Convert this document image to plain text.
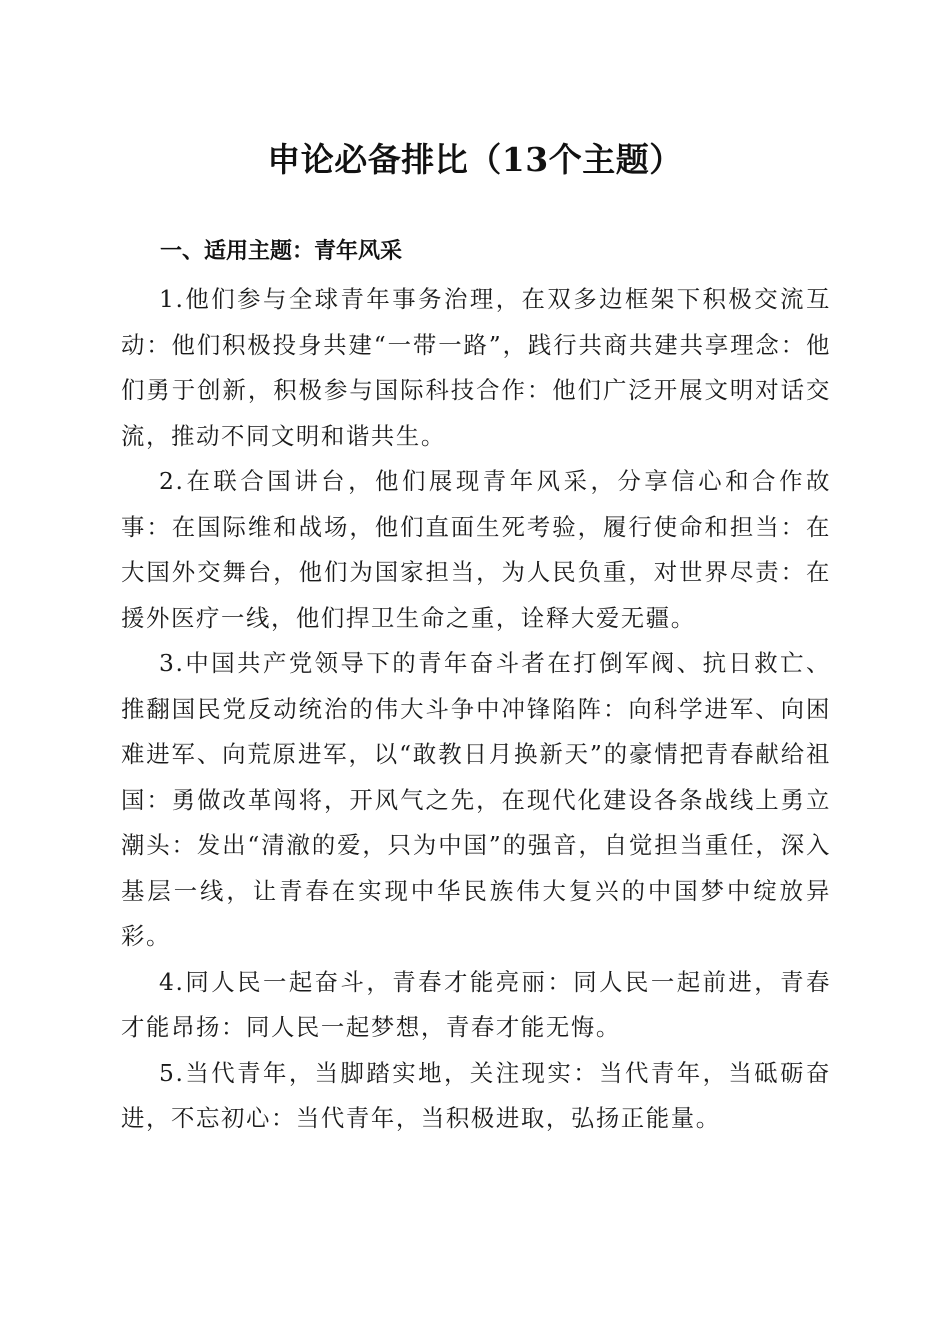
申论必备排比（13个主题）
一、适用主题：青年风采

1.他们参与全球青年事务治理，在双多边框架下积极交流互动：他们积极投身共建“一带一路”，践行共商共建共享理念：他们勇于创新，积极参与国际科技合作：他们广泛开展文明对话交流，推动不同文明和谐共生。

2.在联合国讲台，他们展现青年风采，分享信心和合作故事：在国际维和战场，他们直面生死考验，履行使命和担当：在大国外交舞台，他们为国家担当，为人民负重，对世界尽责：在援外医疗一线，他们捍卫生命之重，诠释大爱无疆。

3.中国共产党领导下的青年奋斗者在打倒军阀、抗日救亡、推翻国民党反动统治的伟大斗争中冲锋陷阵：向科学进军、向困难进军、向荒原进军，以“敢教日月换新天”的豪情把青春献给祖国：勇做改革闯将，开风气之先，在现代化建设各条战线上勇立潮头：发出“清澈的爱，只为中国”的强音，自觉担当重任，深入基层一线，让青春在实现中华民族伟大复兴的中国梦中绽放异彩。

4.同人民一起奋斗，青春才能亮丽：同人民一起前进，青春才能昂扬：同人民一起梦想，青春才能无悔。

5.当代青年，当脚踏实地，关注现实：当代青年，当砥砺奋进，不忘初心：当代青年，当积极进取，弘扬正能量。
